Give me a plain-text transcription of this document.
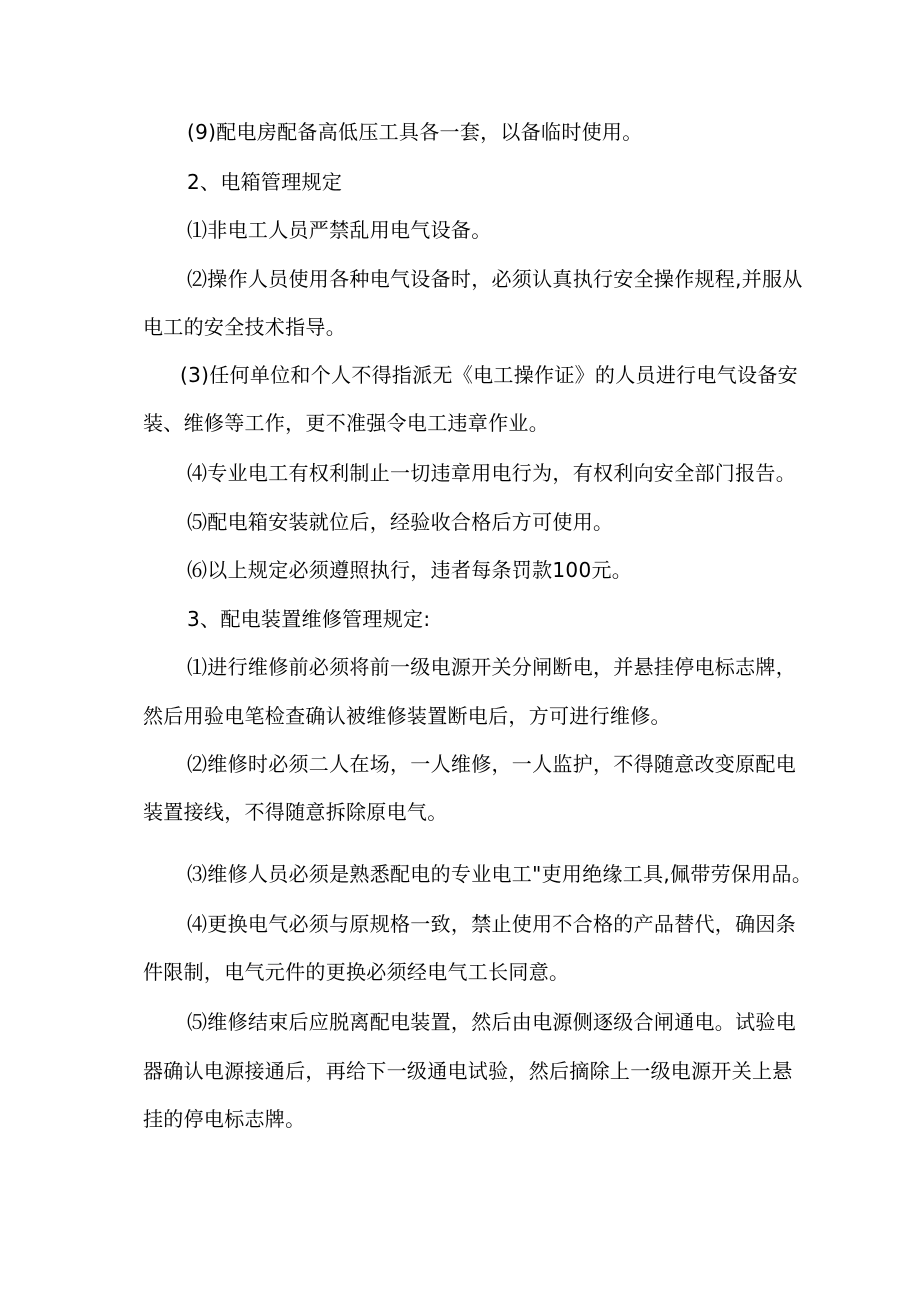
(9)配电房配备高低压工具各一套，以备临时使用。
2、电箱管理规定
⑴非电工人员严禁乱用电气设备。
⑵操作人员使用各种电气设备时，必须认真执行安全操作规程,并服从
电工的安全技术指导。
(3)任何单位和个人不得指派无《电工操作证》的人员进行电气设备安
装、维修等工作，更不准强令电工违章作业。
⑷专业电工有权利制止一切违章用电行为，有权利向安全部门报告。
⑸配电箱安装就位后，经验收合格后方可使用。
⑹以上规定必须遵照执行，违者每条罚款100元。
3、配电装置维修管理规定:
⑴进行维修前必须将前一级电源开关分闸断电，并悬挂停电标志牌，
然后用验电笔检查确认被维修装置断电后，方可进行维修。
⑵维修时必须二人在场，一人维修，一人监护，不得随意改变原配电
装置接线，不得随意拆除原电气。
⑶维修人员必须是熟悉配电的专业电工"吏用绝缘工具,佩带劳保用品。
⑷更换电气必须与原规格一致，禁止使用不合格的产品替代，确因条
件限制，电气元件的更换必须经电气工长同意。
⑸维修结束后应脱离配电装置，然后由电源侧逐级合闸通电。试验电
器确认电源接通后，再给下一级通电试验，然后摘除上一级电源开关上悬
挂的停电标志牌。
